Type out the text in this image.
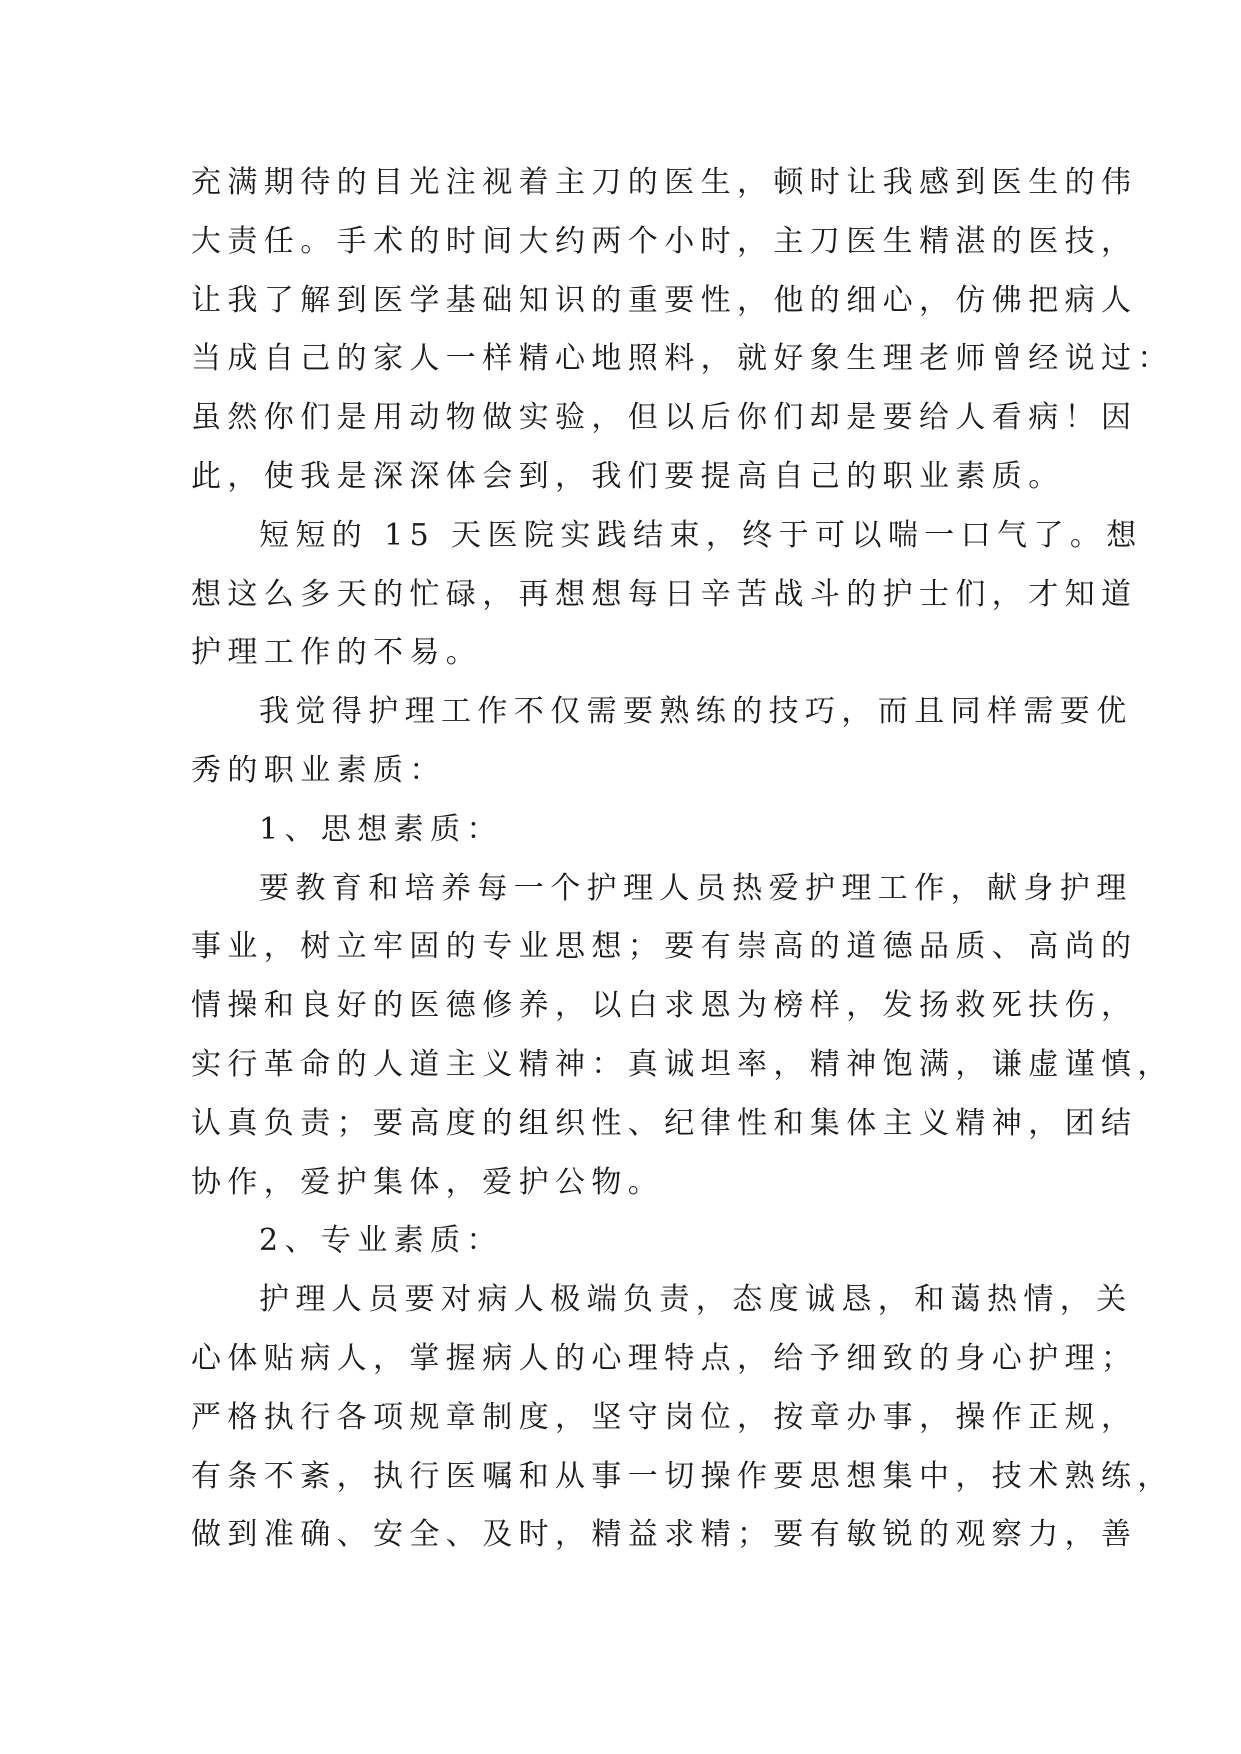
充满期待的目光注视着主刀的医生，顿时让我感到医生的伟
大责任。手术的时间大约两个小时，主刀医生精湛的医技，
让我了解到医学基础知识的重要性，他的细心，仿佛把病人
当成自己的家人一样精心地照料，就好象生理老师曾经说过：
虽然你们是用动物做实验，但以后你们却是要给人看病！因
此，使我是深深体会到，我们要提高自己的职业素质。
短短的 15 天医院实践结束，终于可以喘一口气了。想
想这么多天的忙碌，再想想每日辛苦战斗的护士们，才知道
护理工作的不易。
我觉得护理工作不仅需要熟练的技巧，而且同样需要优
秀的职业素质：
1、思想素质：
要教育和培养每一个护理人员热爱护理工作，献身护理
事业，树立牢固的专业思想；要有崇高的道德品质、高尚的
情操和良好的医德修养，以白求恩为榜样，发扬救死扶伤，
实行革命的人道主义精神：真诚坦率，精神饱满，谦虚谨慎，
认真负责；要高度的组织性、纪律性和集体主义精神，团结
协作，爱护集体，爱护公物。
2、专业素质：
护理人员要对病人极端负责，态度诚恳，和蔼热情，关
心体贴病人，掌握病人的心理特点，给予细致的身心护理；
严格执行各项规章制度，坚守岗位，按章办事，操作正规，
有条不紊，执行医嘱和从事一切操作要思想集中，技术熟练，
做到准确、安全、及时，精益求精；要有敏锐的观察力，善
